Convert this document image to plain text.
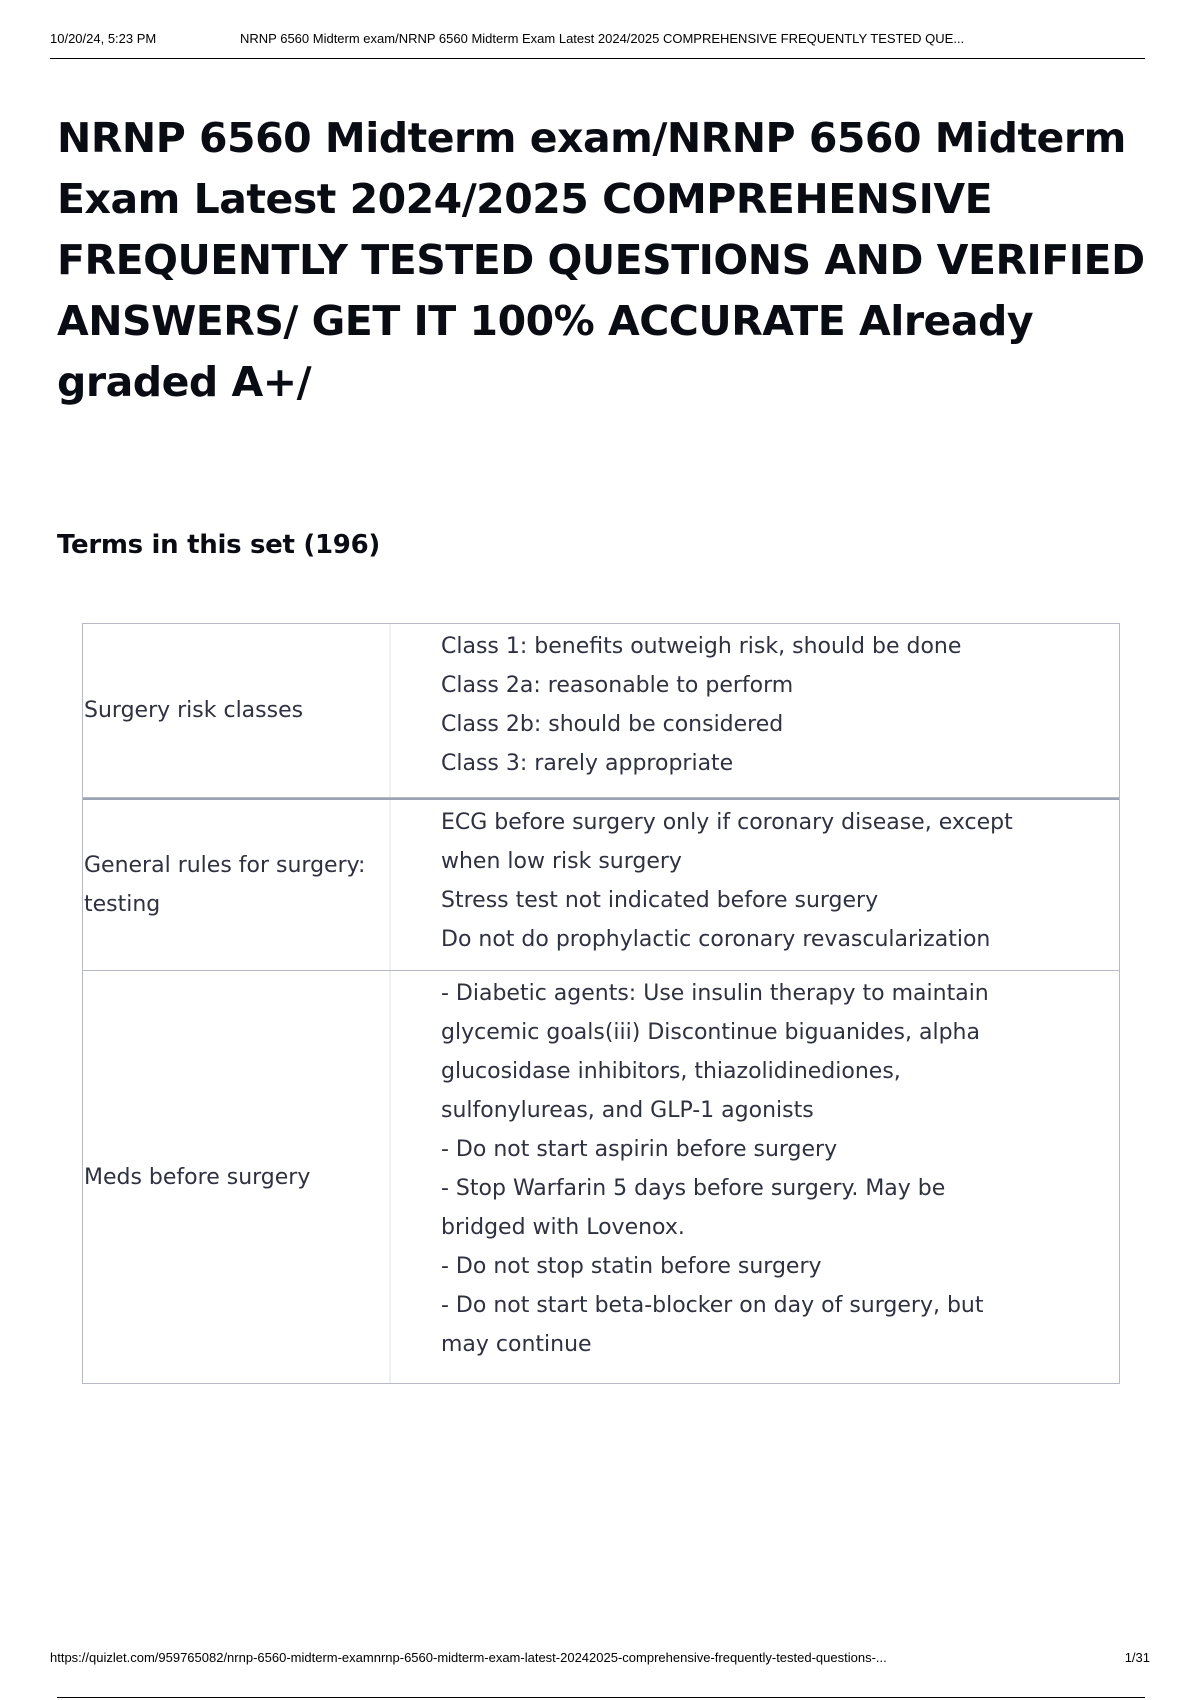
10/20/24, 5:23 PM	NRNP 6560 Midterm exam/NRNP 6560 Midterm Exam Latest 2024/2025 COMPREHENSIVE FREQUENTLY TESTED QUE...
NRNP 6560 Midterm exam/NRNP 6560 Midterm Exam Latest 2024/2025 COMPREHENSIVE FREQUENTLY TESTED QUESTIONS AND VERIFIED ANSWERS/ GET IT 100% ACCURATE Already graded A+/
Terms in this set (196)
Surgery risk classes
Class 1: benefits outweigh risk, should be done
Class 2a: reasonable to perform
Class 2b: should be considered
Class 3: rarely appropriate
General rules for surgery: testing
ECG before surgery only if coronary disease, except when low risk surgery
Stress test not indicated before surgery
Do not do prophylactic coronary revascularization
Meds before surgery
- Diabetic agents: Use insulin therapy to maintain glycemic goals(iii) Discontinue biguanides, alpha glucosidase inhibitors, thiazolidinediones, sulfonylureas, and GLP-1 agonists
- Do not start aspirin before surgery
- Stop Warfarin 5 days before surgery. May be bridged with Lovenox.
- Do not stop statin before surgery
- Do not start beta-blocker on day of surgery, but may continue
https://quizlet.com/959765082/nrnp-6560-midterm-examnrnp-6560-midterm-exam-latest-20242025-comprehensive-frequently-tested-questions-...	1/31
